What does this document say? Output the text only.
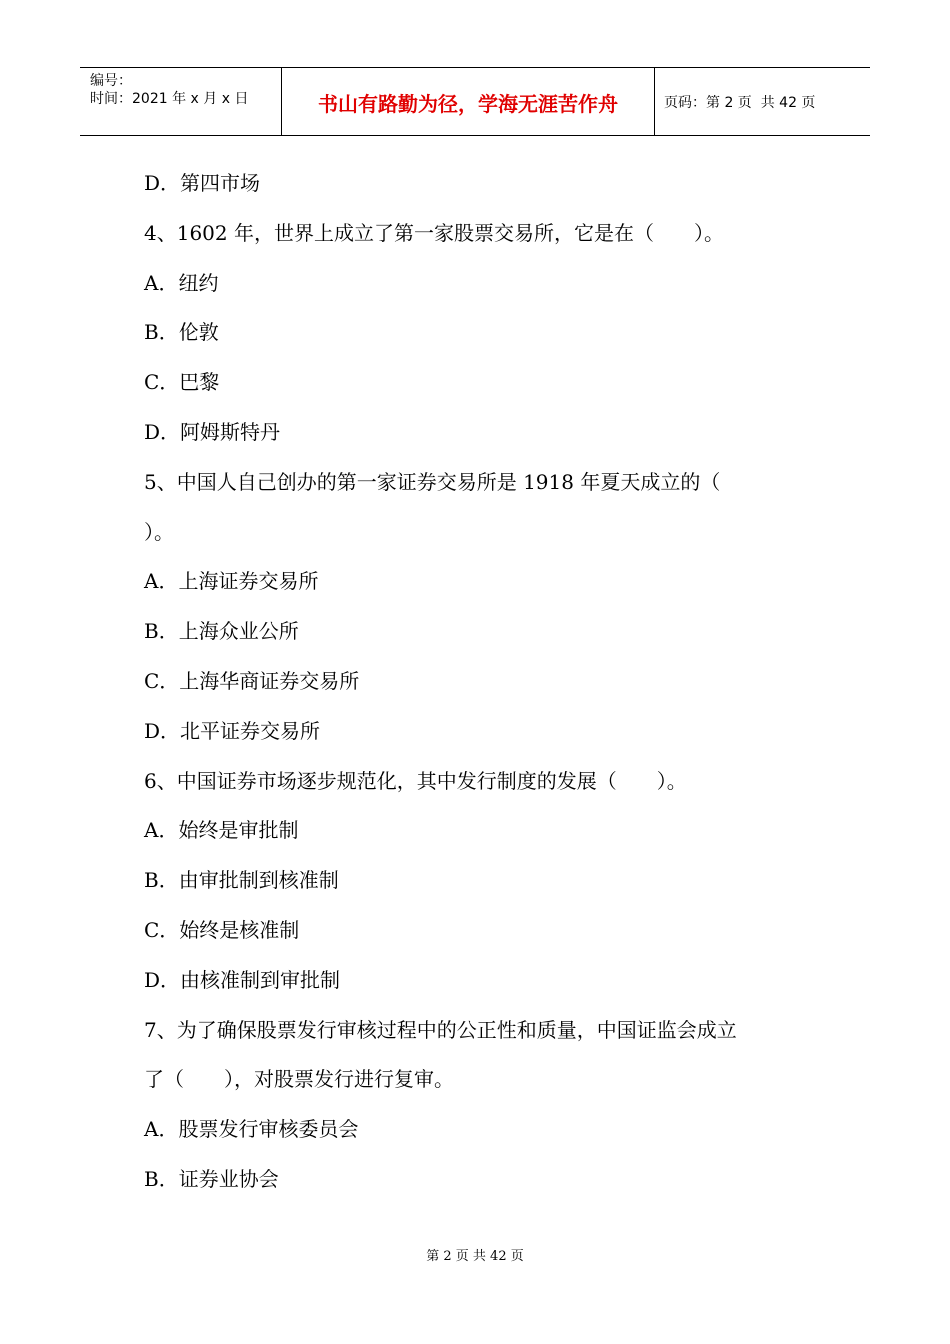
编号：
时间：2021 年 x 月 x 日	书山有路勤为径，学海无涯苦作舟	页码：第 2 页  共 42 页
D．第四市场
4、1602 年，世界上成立了第一家股票交易所，它是在（　　）。
A．纽约
B．伦敦
C．巴黎
D．阿姆斯特丹
5、中国人自己创办的第一家证券交易所是 1918 年夏天成立的（
）。
A．上海证券交易所
B．上海众业公所
C．上海华商证券交易所
D．北平证券交易所
6、中国证券市场逐步规范化，其中发行制度的发展（　　）。
A．始终是审批制
B．由审批制到核准制
C．始终是核准制
D．由核准制到审批制
7、为了确保股票发行审核过程中的公正性和质量，中国证监会成立
了（　　），对股票发行进行复审。
A．股票发行审核委员会
B．证券业协会
第 2 页 共 42 页
